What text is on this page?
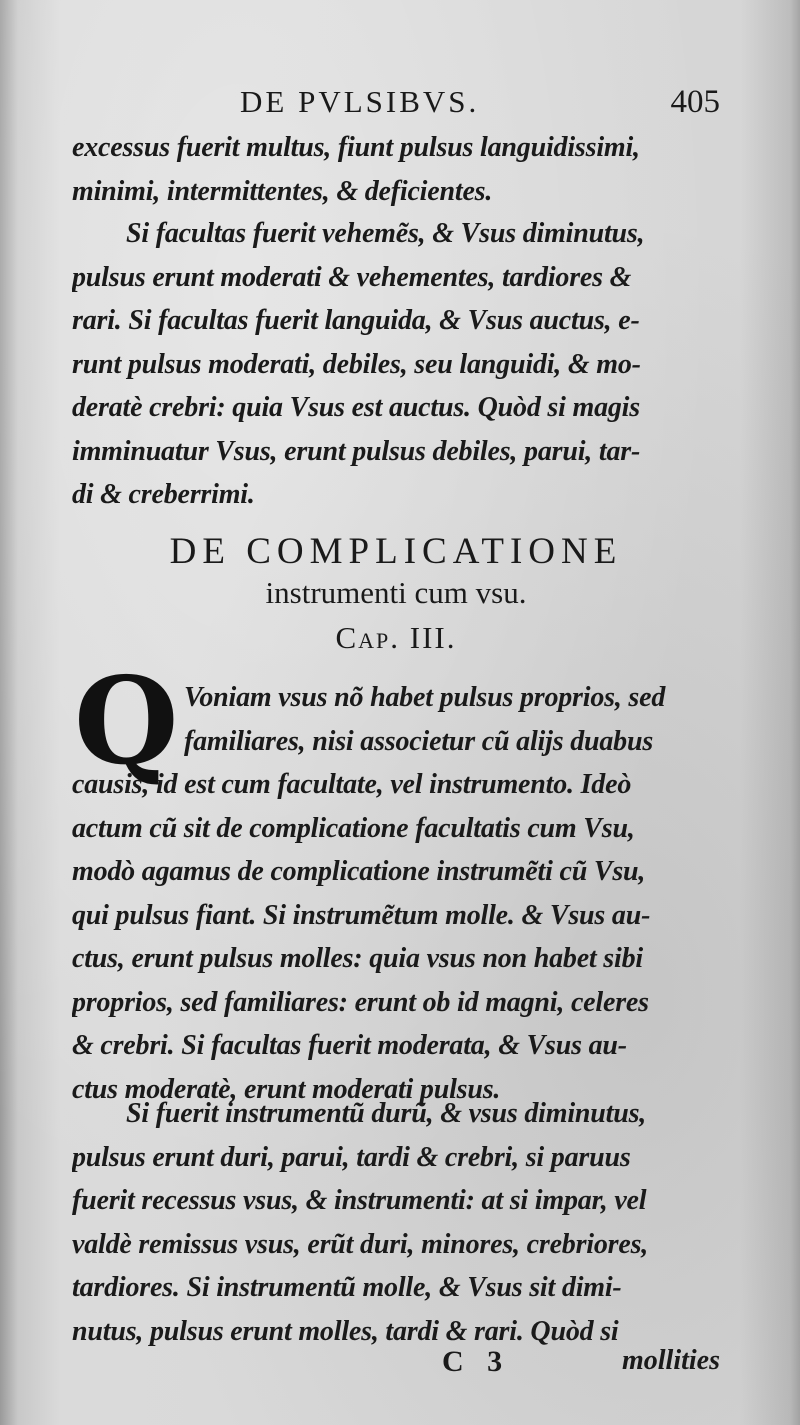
DE PVLSIBVS.	405
excessus fuerit multus, fiunt pulsus languidissimi,
minimi, intermittentes, & deficientes.
Si facultas fuerit vehemẽs, & Vsus diminutus,
pulsus erunt moderati & vehementes, tardiores &
rari. Si facultas fuerit languida, & Vsus auctus, e-
runt pulsus moderati, debiles, seu languidi, & mo-
deratè crebri: quia Vsus est auctus. Quòd si magis
imminuatur Vsus, erunt pulsus debiles, parui, tar-
di & creberrimi.
DE COMPLICATIONE
instrumenti cum vsu.
Cap. III.
Q Voniam vsus nõ habet pulsus proprios, sed
familiares, nisi associetur cũ alijs duabus
causis, id est cum facultate, vel instrumento. Ideò
actum cũ sit de complicatione facultatis cum Vsu,
modò agamus de complicatione instrumẽti cũ Vsu,
qui pulsus fiant. Si instrumẽtum molle. & Vsus au-
ctus, erunt pulsus molles: quia vsus non habet sibi
proprios, sed familiares: erunt ob id magni, celeres
& crebri. Si facultas fuerit moderata, & Vsus au-
ctus moderatè, erunt moderati pulsus.
Si fuerit instrumentũ durũ, & vsus diminutus,
pulsus erunt duri, parui, tardi & crebri, si paruus
fuerit recessus vsus, & instrumenti: at si impar, vel
valdè remissus vsus, erũt duri, minores, crebriores,
tardiores. Si instrumentũ molle, & Vsus sit dimi-
nutus, pulsus erunt molles, tardi & rari. Quòd si
C 3	mollities
